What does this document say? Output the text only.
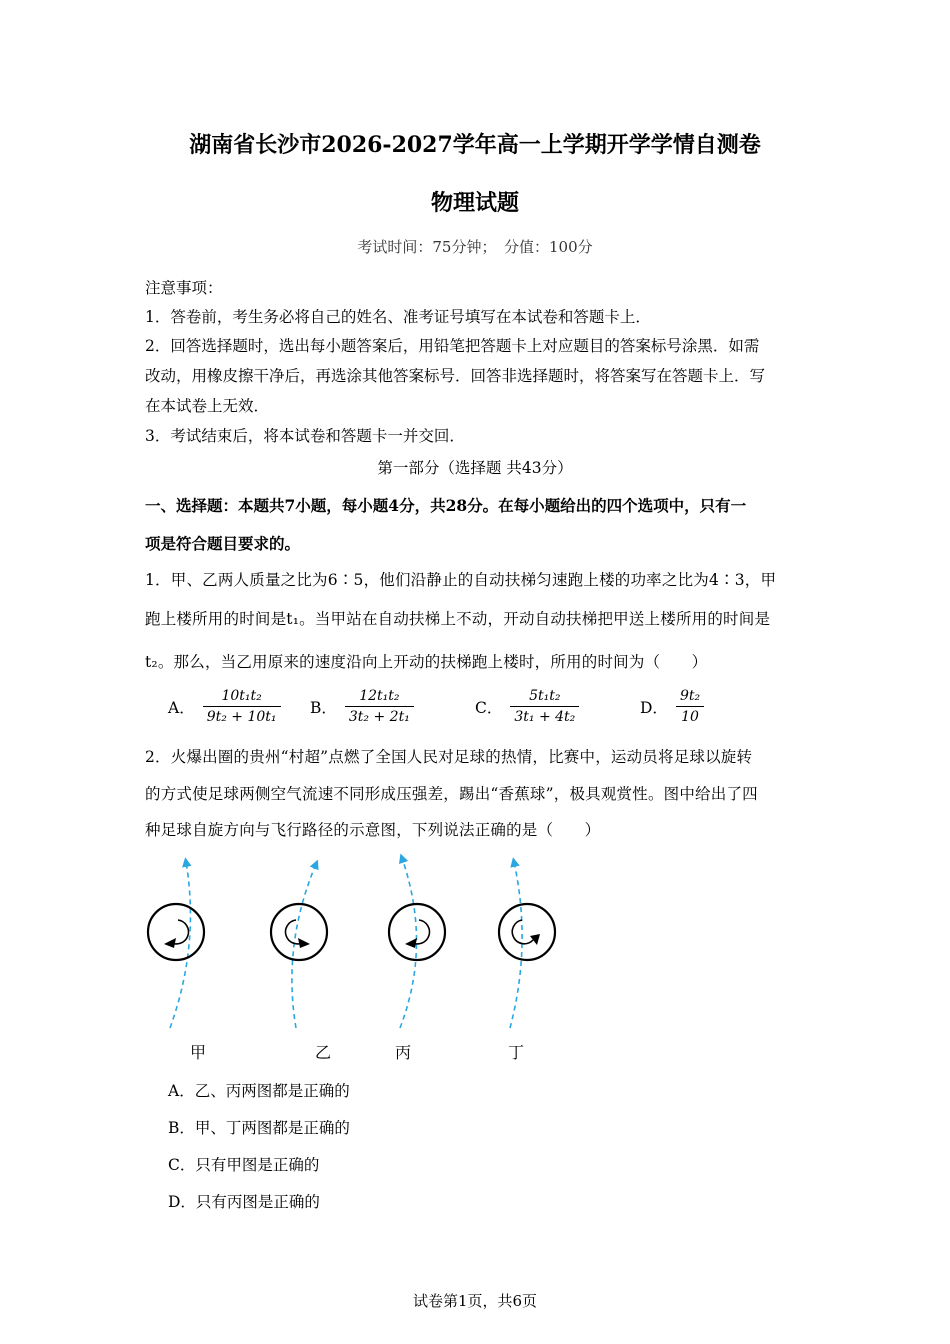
湖南省长沙市2026-2027学年高一上学期开学学情自测卷
物理试题
考试时间：75分钟；　分值：100分
注意事项：
1．答卷前，考生务必将自己的姓名、准考证号填写在本试卷和答题卡上．
2．回答选择题时，选出每小题答案后，用铅笔把答题卡上对应题目的答案标号涂黑．如需
改动，用橡皮擦干净后，再选涂其他答案标号．回答非选择题时，将答案写在答题卡上．写
在本试卷上无效．
3．考试结束后，将本试卷和答题卡一并交回．
第一部分（选择题 共43分）
一、选择题：本题共7小题，每小题4分，共28分。在每小题给出的四个选项中，只有一
项是符合题目要求的。
1．甲、乙两人质量之比为6∶5，他们沿静止的自动扶梯匀速跑上楼的功率之比为4∶3，甲
跑上楼所用的时间是t₁。当甲站在自动扶梯上不动，开动自动扶梯把甲送上楼所用的时间是
t₂。那么，当乙用原来的速度沿向上开动的扶梯跑上楼时，所用的时间为（　　）
A． $\frac{\text{10t₁t₂}}{\text{9t₂ + 10t₁}}$ B． $\frac{\text{12t₁t₂}}{\text{3t₂ + 2t₁}}$	C． $\frac{\text{5t₁t₂}}{\text{3t₁ + 4t₂}}$	D． $\frac{\text{9t₂}}{10}$
2．火爆出圈的贵州“村超”点燃了全国人民对足球的热情，比赛中，运动员将足球以旋转
的方式使足球两侧空气流速不同形成压强差，踢出“香蕉球”，极具观赏性。图中给出了四
种足球自旋方向与飞行路径的示意图，下列说法正确的是（　　）
甲	乙	丙	丁
A．乙、丙两图都是正确的
B．甲、丁两图都是正确的
C．只有甲图是正确的
D．只有丙图是正确的
试卷第1页，共6页
